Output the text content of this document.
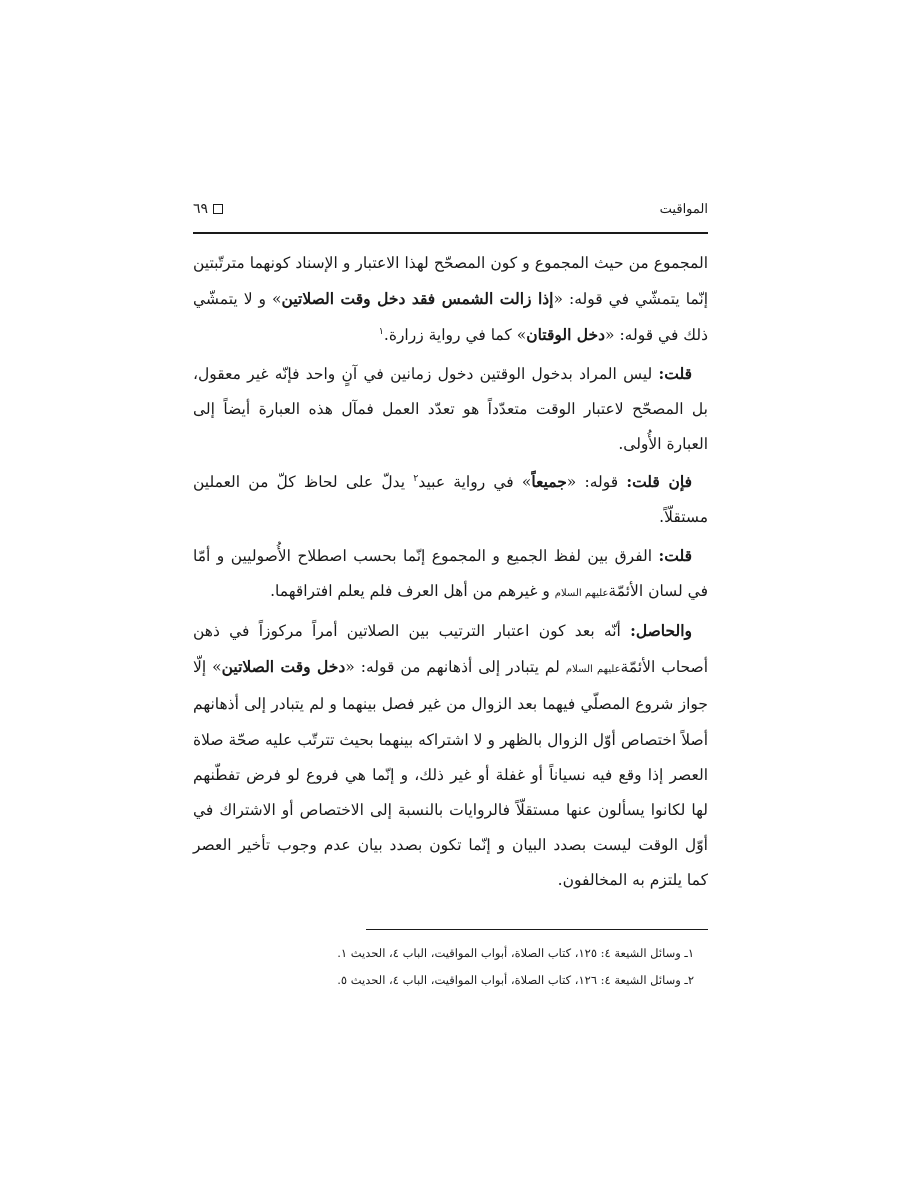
المواقيت
٦٩

المجموع من حيث المجموع و كون المصحّح لهذا الاعتبار و الإسناد كونهما مترتّبتين إنّما يتمشّي في قوله: «إذا زالت الشمس فقد دخل وقت الصلاتين» و لا يتمشّي ذلك في قوله: «دخل الوقتان» كما في رواية زرارة.$^١$

قلت: ليس المراد بدخول الوقتين دخول زمانين في آنٍ واحد فإنّه غير معقول، بل المصحّح لاعتبار الوقت متعدّداً هو تعدّد العمل فمآل هذه العبارة أيضاً إلى العبارة الأُولى.

فإن قلت: قوله: «جميعاً» في رواية عبيد$^٢$ يدلّ على لحاظ كلّ من العملين مستقلّاً.

قلت: الفرق بين لفظ الجميع و المجموع إنّما بحسب اصطلاح الأُصوليين و أمّا في لسان الأئمّةعليهم السلام و غيرهم من أهل العرف فلم يعلم افتراقهما.

والحاصل: أنّه بعد كون اعتبار الترتيب بين الصلاتين أمراً مركوزاً في ذهن أصحاب الأئمّةعليهم السلام لم يتبادر إلى أذهانهم من قوله: «دخل وقت الصلاتين» إلّا جواز شروع المصلّي فيهما بعد الزوال من غير فصل بينهما و لم يتبادر إلى أذهانهم أصلاً اختصاص أوّل الزوال بالظهر و لا اشتراكه بينهما بحيث تترتّب عليه صحّة صلاة العصر إذا وقع فيه نسياناً أو غفلة أو غير ذلك، و إنّما هي فروع لو فرض تفطّنهم لها لكانوا يسألون عنها مستقلّاً فالروايات بالنسبة إلى الاختصاص أو الاشتراك في أوّل الوقت ليست بصدد البيان و إنّما تكون بصدد بيان عدم وجوب تأخير العصر كما يلتزم به المخالفون.

١ـ وسائل الشيعة ٤: ١٢٥، كتاب الصلاة، أبواب المواقيت، الباب ٤، الحديث ١.

٢ـ وسائل الشيعة ٤: ١٢٦، كتاب الصلاة، أبواب المواقيت، الباب ٤، الحديث ٥.
